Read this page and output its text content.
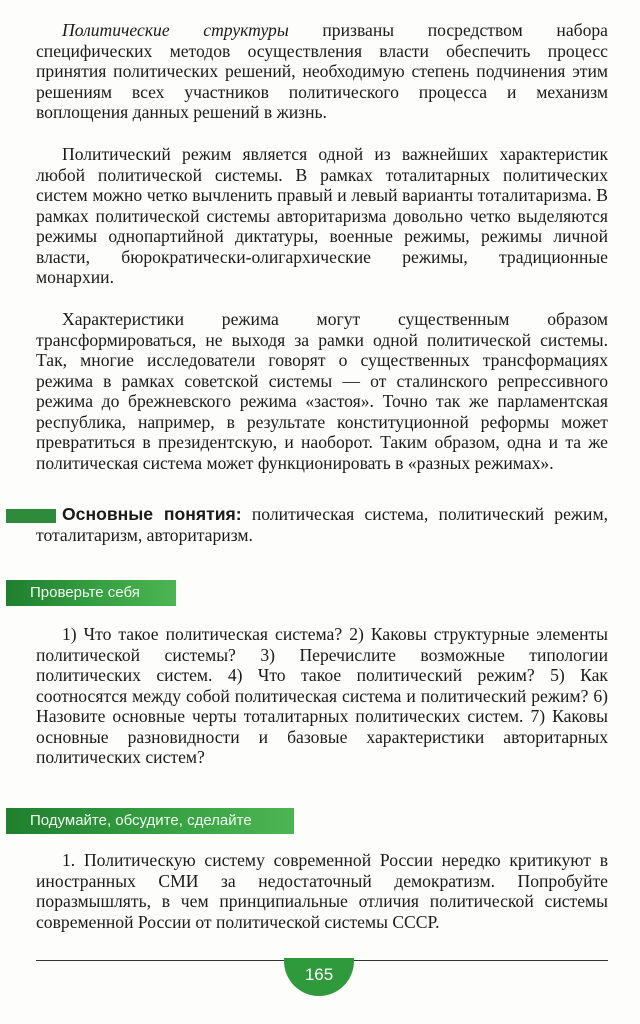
Политические структуры призваны посредством набора специфических методов осуществления власти обеспечить процесс принятия политических решений, необходимую степень подчинения этим решениям всех участников политического процесса и механизм воплощения данных решений в жизнь.

Политический режим является одной из важнейших характеристик любой политической системы. В рамках тоталитарных политических систем можно четко вычленить правый и левый варианты тоталитаризма. В рамках политической системы авторитаризма довольно четко выделяются режимы однопартийной диктатуры, военные режимы, режимы личной власти, бюрократически-олигархические режимы, традиционные монархии.

Характеристики режима могут существенным образом трансформироваться, не выходя за рамки одной политической системы. Так, многие исследователи говорят о существенных трансформациях режима в рамках советской системы — от сталинского репрессивного режима до брежневского режима «застоя». Точно так же парламентская республика, например, в результате конституционной реформы может превратиться в президентскую, и наоборот. Таким образом, одна и та же политическая система может функционировать в «разных режимах».

Основные понятия: политическая система, политический режим, тоталитаризм, авторитаризм.

Проверьте себя

1) Что такое политическая система? 2) Каковы структурные элементы политической системы? 3) Перечислите возможные типологии политических систем. 4) Что такое политический режим? 5) Как соотносятся между собой политическая система и политический режим? 6) Назовите основные черты тоталитарных политических систем. 7) Каковы основные разновидности и базовые характеристики авторитарных политических систем?

Подумайте, обсудите, сделайте

1. Политическую систему современной России нередко критикуют в иностранных СМИ за недостаточный демократизм. Попробуйте поразмышлять, в чем принципиальные отличия политической системы современной России от политической системы СССР.

165
